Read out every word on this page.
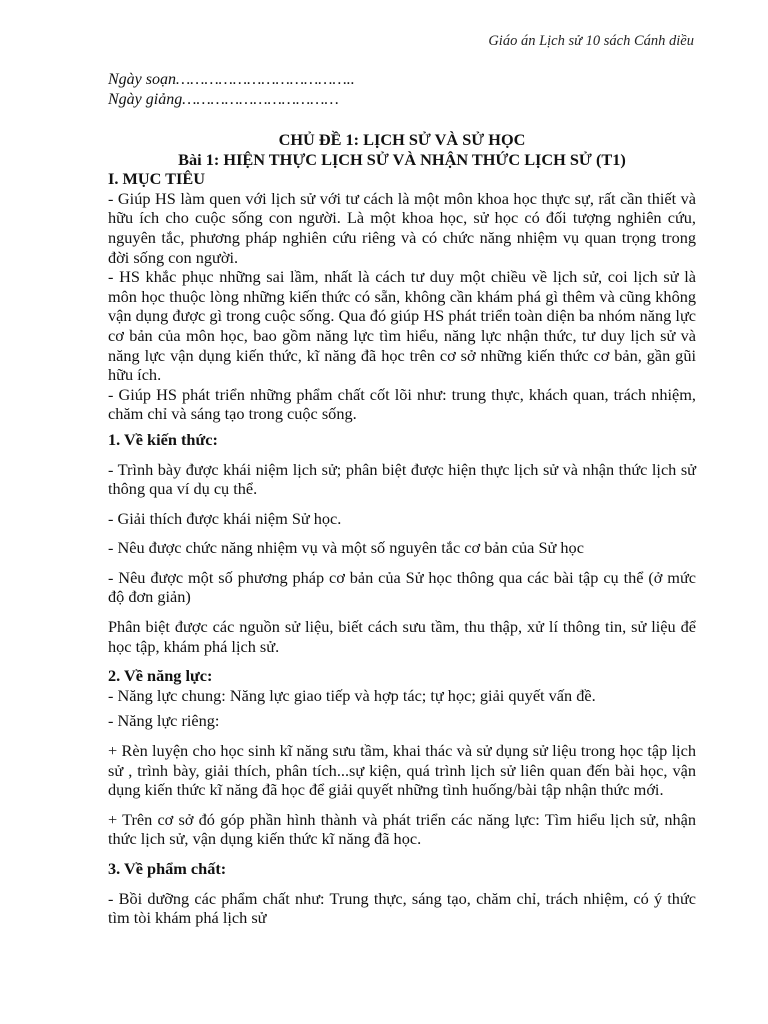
Giáo án Lịch sử 10 sách Cánh diều
Ngày soạn………………………………..
Ngày giảng……………………………
CHỦ ĐỀ 1: LỊCH SỬ VÀ SỬ HỌC
Bài 1: HIỆN THỰC LỊCH SỬ VÀ NHẬN THỨC LỊCH SỬ (T1)

I. MỤC TIÊU

- Giúp HS làm quen với lịch sử với tư cách là một môn khoa học thực sự, rất cần thiết và hữu ích cho cuộc sống con người. Là một khoa học, sử học có đối tượng nghiên cứu, nguyên tắc, phương pháp nghiên cứu riêng và có chức năng nhiệm vụ quan trọng trong đời sống con người.

- HS khắc phục những sai lầm, nhất là cách tư duy một chiều về lịch sử, coi lịch sử là môn học thuộc lòng những kiến thức có sẵn, không cần khám phá gì thêm và cũng không vận dụng được gì trong cuộc sống. Qua đó giúp HS phát triển toàn diện ba nhóm năng lực cơ bản của môn học, bao gồm năng lực tìm hiểu, năng lực nhận thức, tư duy lịch sử và năng lực vận dụng kiến thức, kĩ năng đã học trên cơ sở những kiến thức cơ bản, gần gũi hữu ích.

- Giúp HS phát triển những phẩm chất cốt lõi như: trung thực, khách quan, trách nhiệm, chăm chỉ và sáng tạo trong cuộc sống.

1. Về kiến thức:

- Trình bày được khái niệm lịch sử; phân biệt được hiện thực lịch sử và nhận thức lịch sử thông qua ví dụ cụ thể.

- Giải thích được khái niệm Sử học.

- Nêu được chức năng nhiệm vụ và một số nguyên tắc cơ bản của Sử học

- Nêu được một số phương pháp cơ bản của Sử học thông qua các bài tập cụ thể (ở mức độ đơn giản)

Phân biệt được các nguồn sử liệu, biết cách sưu tầm, thu thập, xử lí thông tin, sử liệu để học tập, khám phá lịch sử.

2. Về năng lực:

- Năng lực chung: Năng lực giao tiếp và hợp tác; tự học; giải quyết vấn đề.

- Năng lực riêng:

+ Rèn luyện cho học sinh kĩ năng sưu tầm, khai thác và sử dụng sử liệu trong học tập lịch sử , trình bày, giải thích, phân tích...sự kiện, quá trình lịch sử liên quan đến bài học, vận dụng kiến thức kĩ năng đã học để giải quyết những tình huống/bài tập nhận thức mới.

+ Trên cơ sở đó góp phần hình thành và phát triển các năng lực: Tìm hiểu lịch sử, nhận thức lịch sử, vận dụng kiến thức kĩ năng đã học.

3. Về phẩm chất:

- Bồi dưỡng các phẩm chất như: Trung thực, sáng tạo, chăm chỉ, trách nhiệm, có ý thức tìm tòi khám phá lịch sử
